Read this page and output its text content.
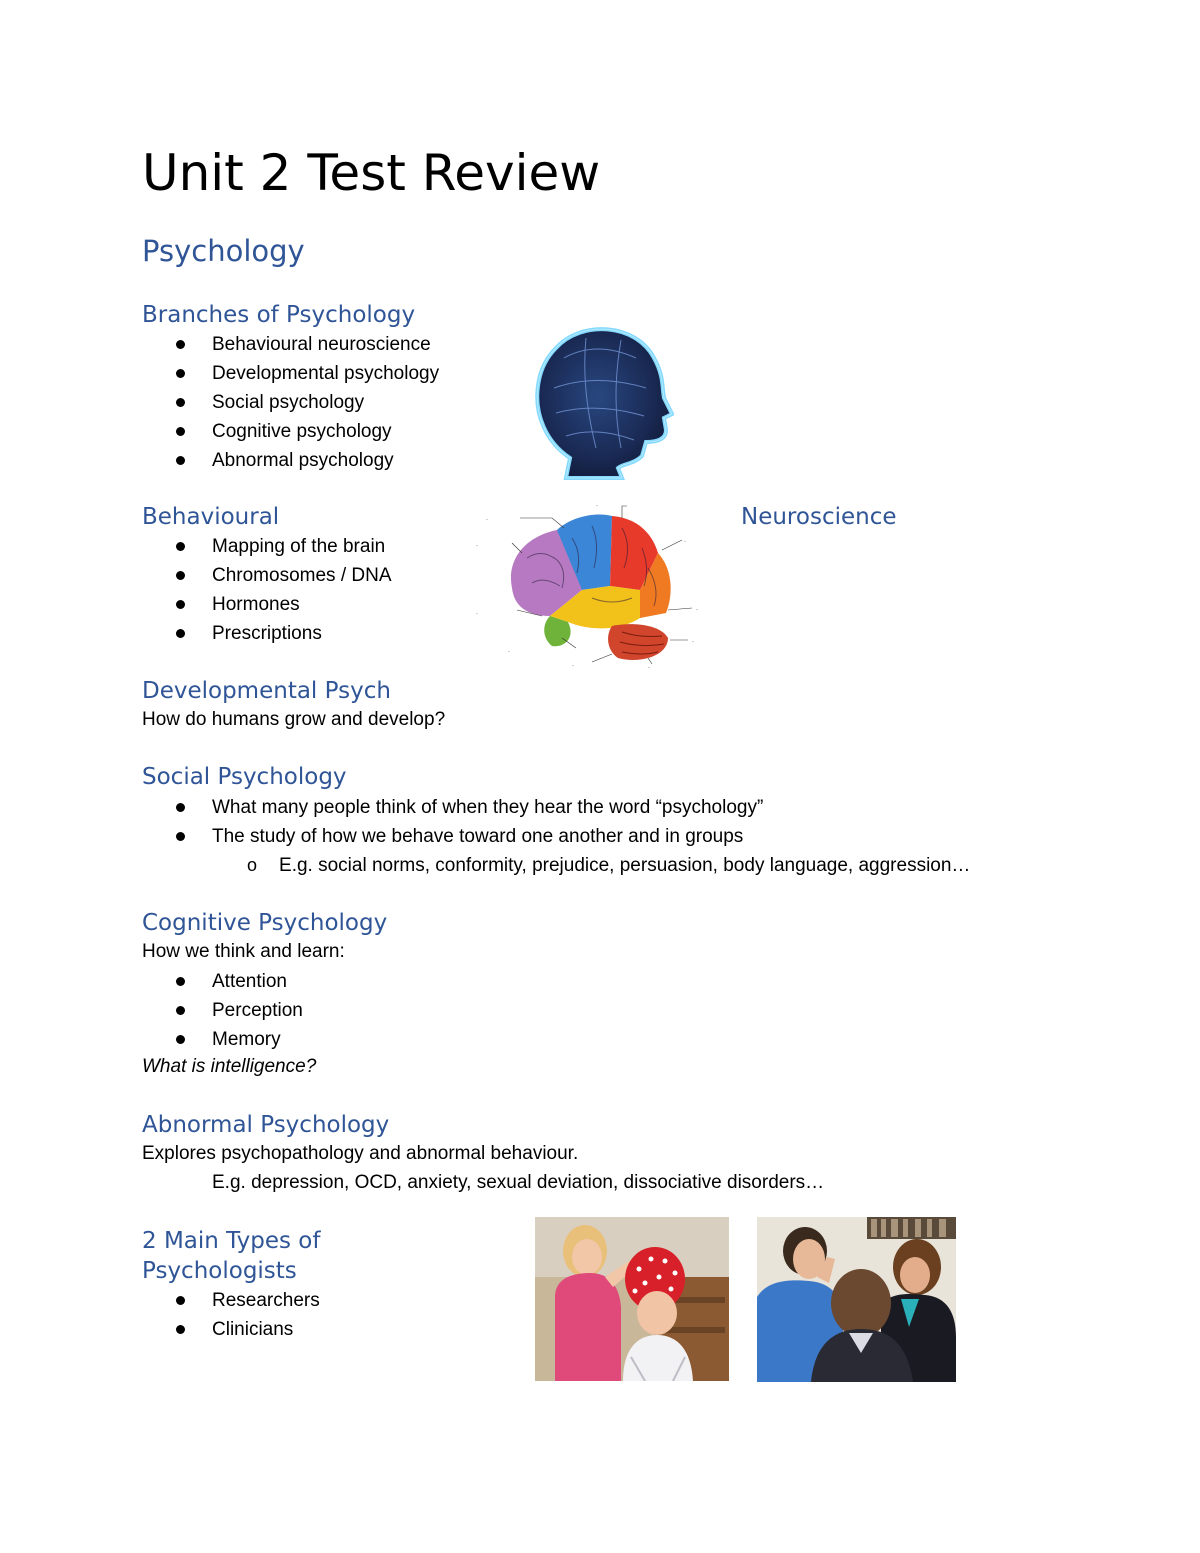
Unit 2 Test Review
Psychology
Branches of Psychology
Behavioural neuroscience
Developmental psychology
Social psychology
Cognitive psychology
Abnormal psychology
Behavioural	Neuroscience
Mapping of the brain
Chromosomes / DNA
Hormones
Prescriptions
.
.
.
.
.
.
.
.
.	.
Developmental Psych
How do humans grow and develop?
Social Psychology
What many people think of when they hear the word “psychology”
The study of how we behave toward one another and in groups
o E.g. social norms, conformity, prejudice, persuasion, body language, aggression…
Cognitive Psychology
How we think and learn:
Attention
Perception
Memory
What is intelligence?
Abnormal Psychology
Explores psychopathology and abnormal behaviour.
E.g. depression, OCD, anxiety, sexual deviation, dissociative disorders…
2 Main Types of
Psychologists
Researchers
Clinicians
